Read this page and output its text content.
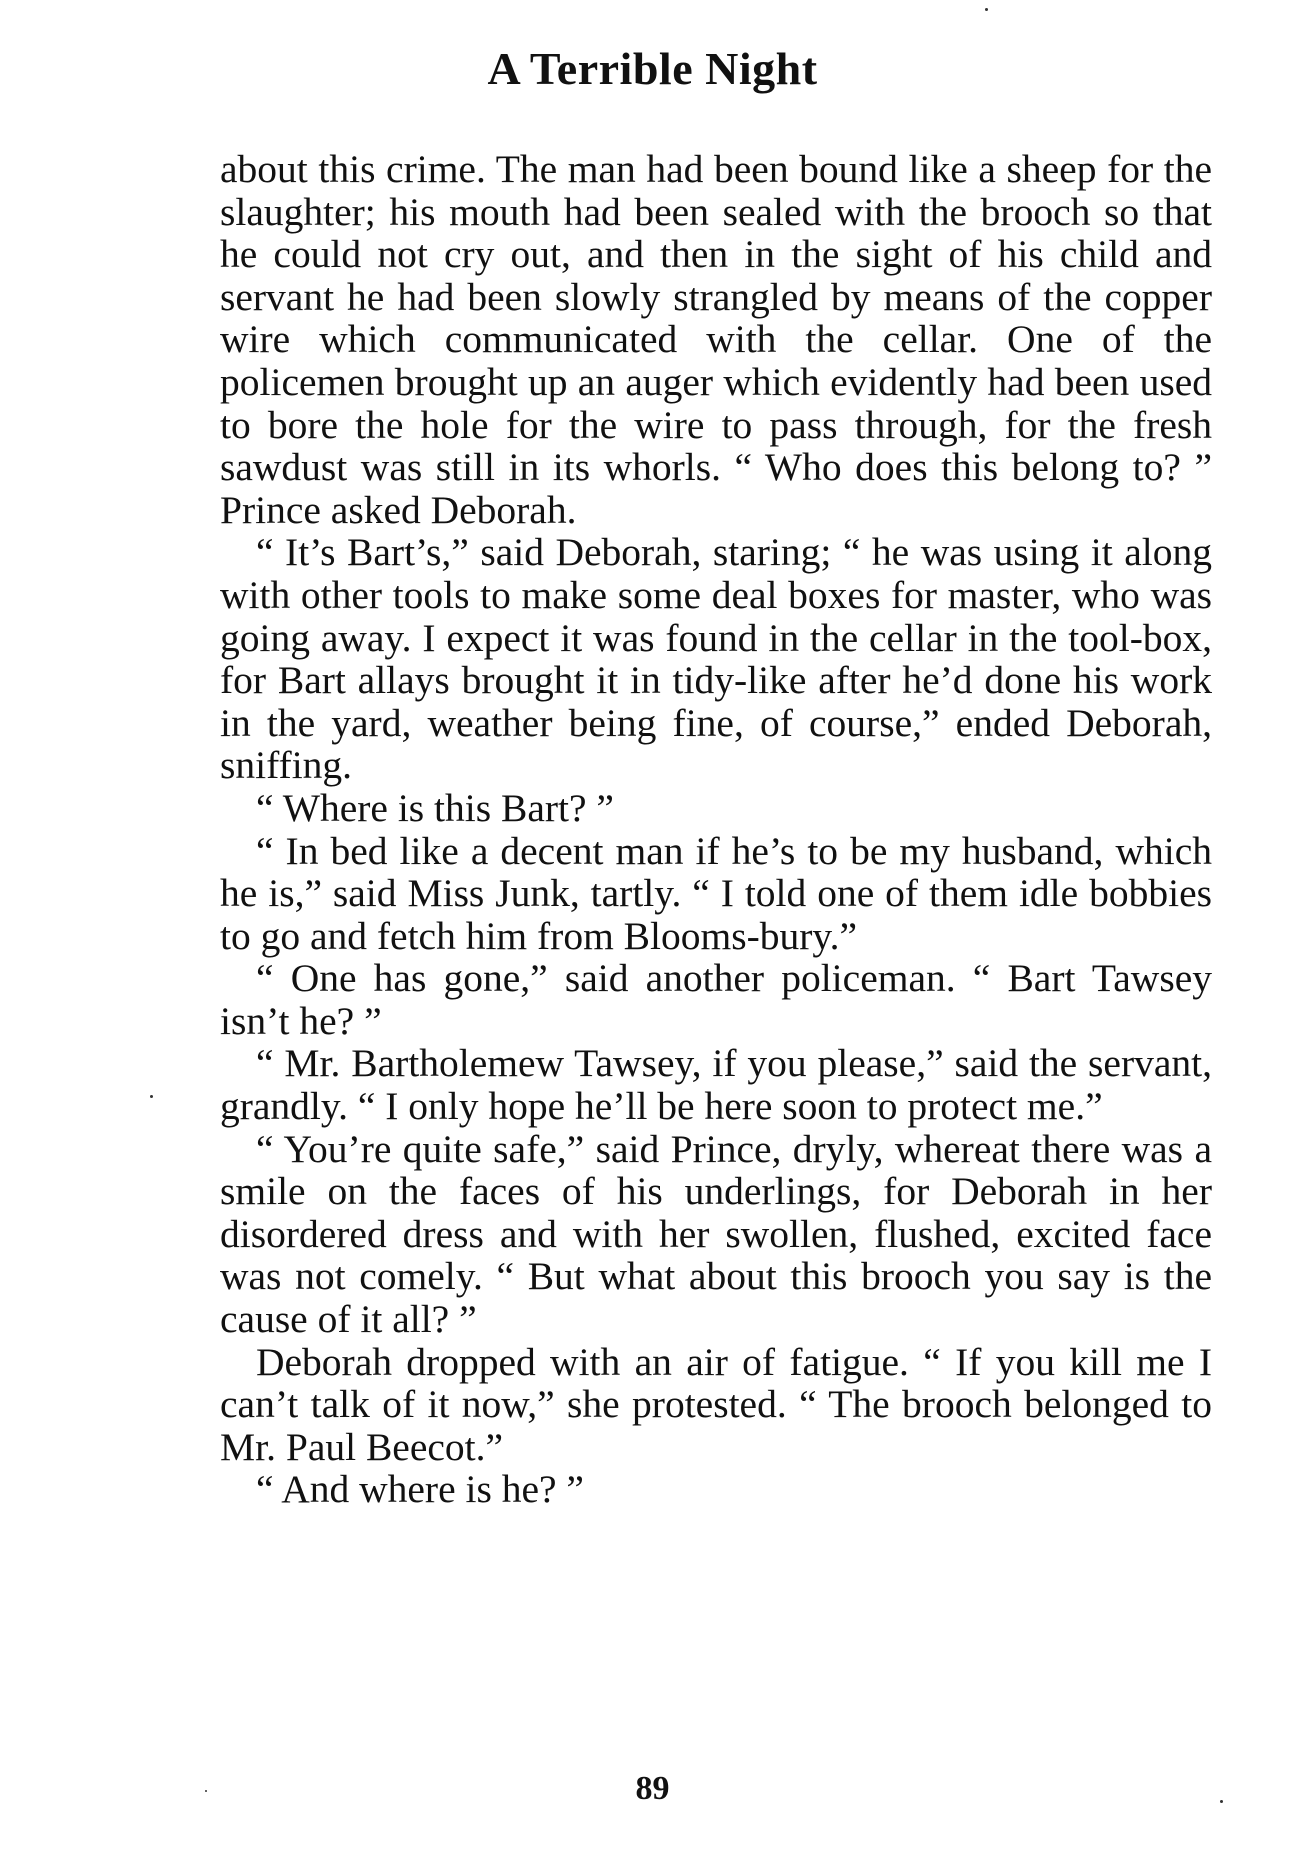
A Terrible Night

about this crime. The man had been bound like a sheep for the slaughter; his mouth had been sealed with the brooch so that he could not cry out, and then in the sight of his child and servant he had been slowly strangled by means of the copper wire which communicated with the cellar. One of the policemen brought up an auger which evidently had been used to bore the hole for the wire to pass through, for the fresh sawdust was still in its whorls. “ Who does this belong to? ” Prince asked Deborah.

“ It’s Bart’s,” said Deborah, staring; “ he was using it along with other tools to make some deal boxes for master, who was going away. I expect it was found in the cellar in the tool-box, for Bart allays brought it in tidy-like after he’d done his work in the yard, weather being fine, of course,” ended Deborah, sniffing.

“ Where is this Bart? ”

“ In bed like a decent man if he’s to be my husband, which he is,” said Miss Junk, tartly. “ I told one of them idle bobbies to go and fetch him from Blooms-bury.”

“ One has gone,” said another policeman. “ Bart Tawsey isn’t he? ”

“ Mr. Bartholemew Tawsey, if you please,” said the servant, grandly. “ I only hope he’ll be here soon to protect me.”

“ You’re quite safe,” said Prince, dryly, whereat there was a smile on the faces of his underlings, for Deborah in her disordered dress and with her swollen, flushed, excited face was not comely. “ But what about this brooch you say is the cause of it all? ”

Deborah dropped with an air of fatigue. “ If you kill me I can’t talk of it now,” she protested. “ The brooch belonged to Mr. Paul Beecot.”

“ And where is he? ”

89
